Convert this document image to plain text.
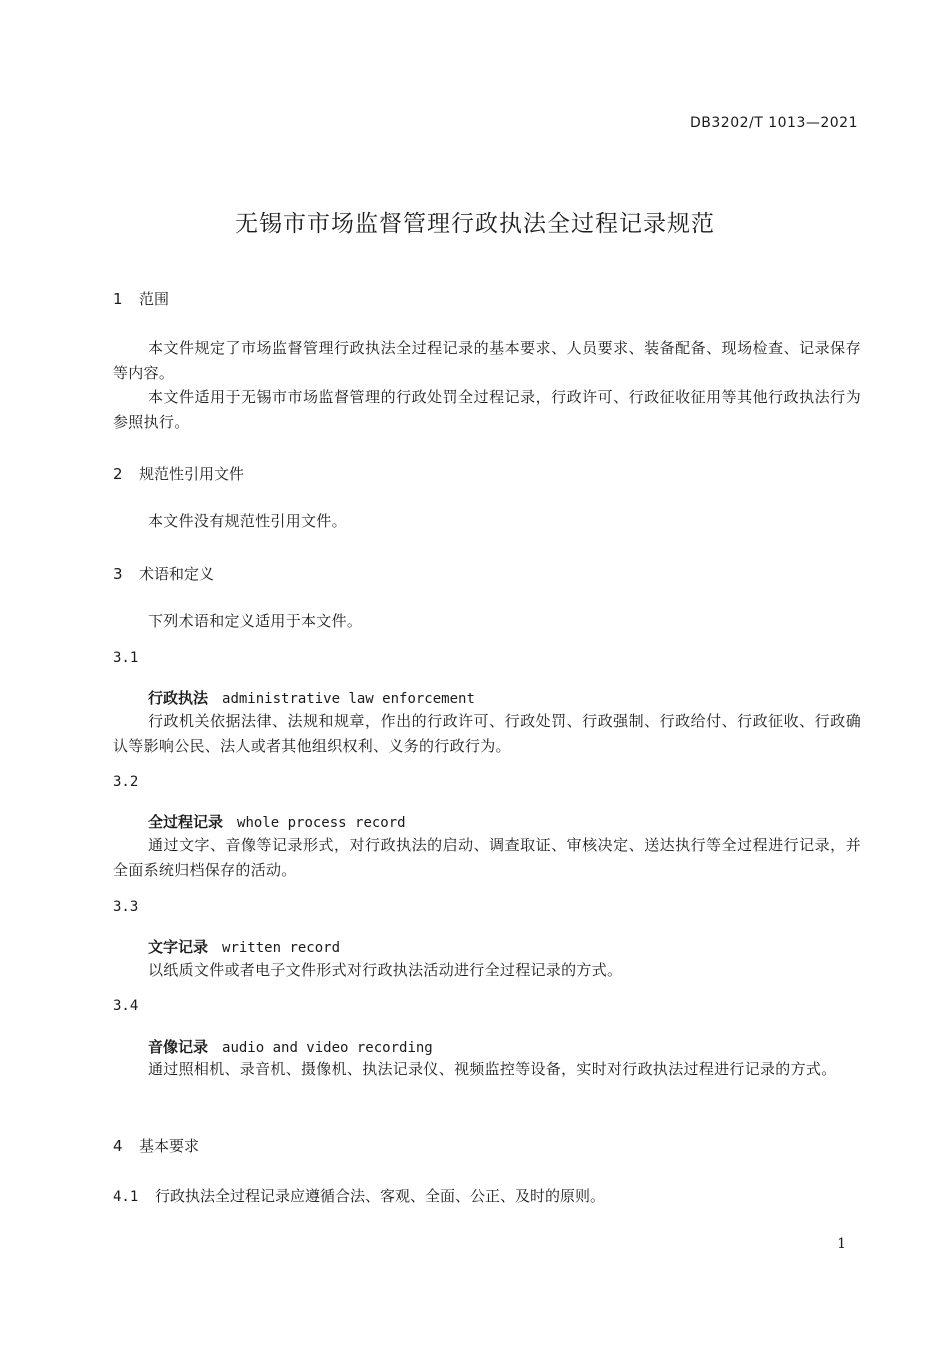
DB3202/T 1013—2021
无锡市市场监督管理行政执法全过程记录规范
1 范围
本文件规定了市场监督管理行政执法全过程记录的基本要求、人员要求、装备配备、现场检查、记录保存等内容。
本文件适用于无锡市市场监督管理的行政处罚全过程记录，行政许可、行政征收征用等其他行政执法行为参照执行。
2 规范性引用文件
本文件没有规范性引用文件。
3 术语和定义
下列术语和定义适用于本文件。
3.1
行政执法 administrative law enforcement
行政机关依据法律、法规和规章，作出的行政许可、行政处罚、行政强制、行政给付、行政征收、行政确认等影响公民、法人或者其他组织权利、义务的行政行为。
3.2
全过程记录 whole process record
通过文字、音像等记录形式，对行政执法的启动、调查取证、审核决定、送达执行等全过程进行记录，并全面系统归档保存的活动。
3.3
文字记录 written record
以纸质文件或者电子文件形式对行政执法活动进行全过程记录的方式。
3.4
音像记录 audio and video recording
通过照相机、录音机、摄像机、执法记录仪、视频监控等设备，实时对行政执法过程进行记录的方式。
4 基本要求
4.1 行政执法全过程记录应遵循合法、客观、全面、公正、及时的原则。
1
